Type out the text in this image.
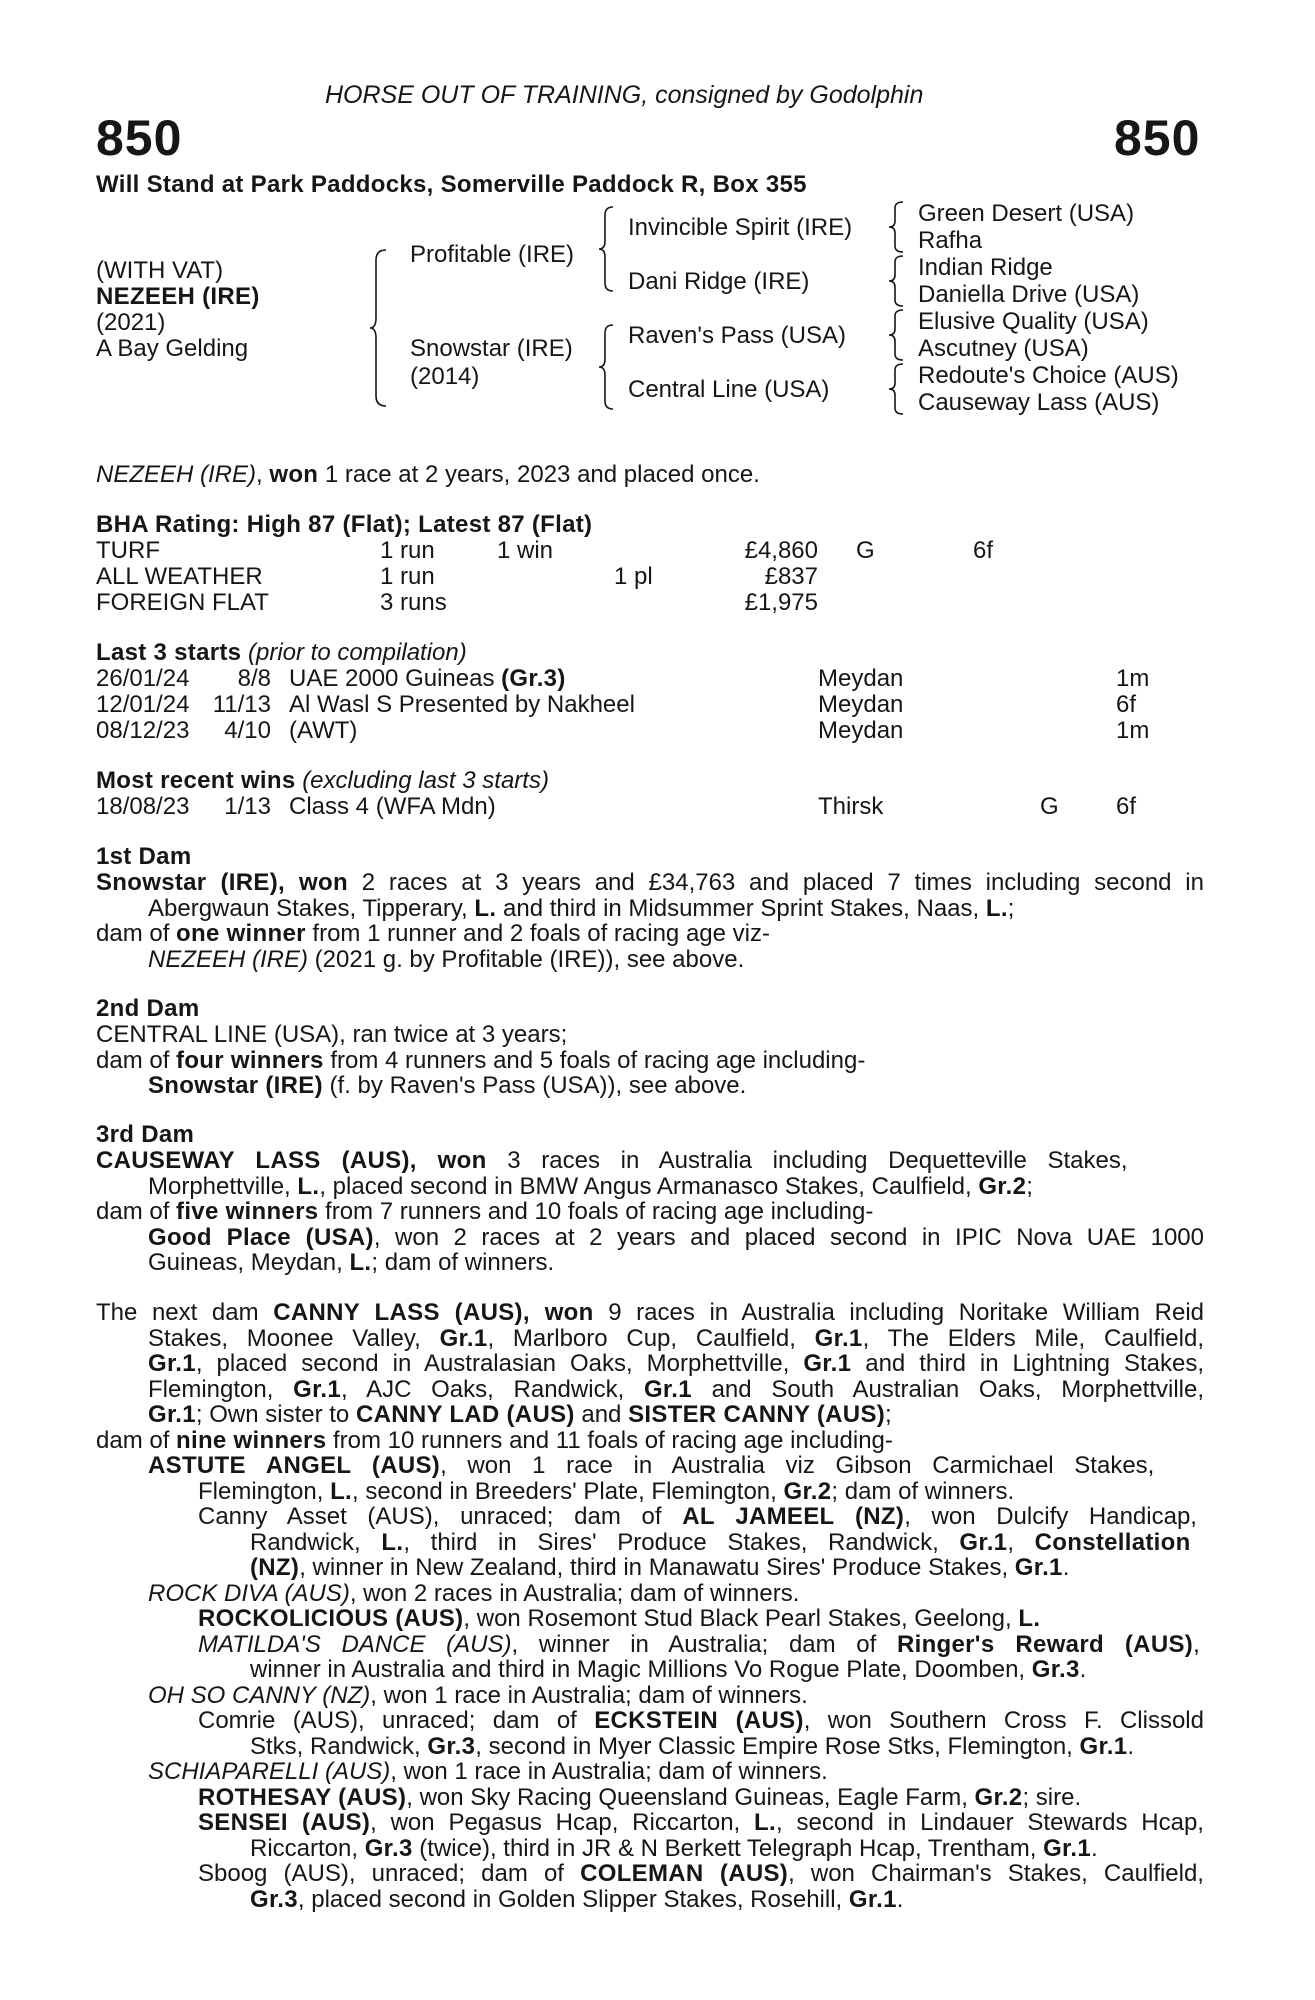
HORSE OUT OF TRAINING, consigned by Godolphin
850	850
Will Stand at Park Paddocks, Somerville Paddock R, Box 355
(WITH VAT)
NEZEEH (IRE)
(2021)
A Bay Gelding
Profitable (IRE)
Snowstar (IRE)
(2014)
Invincible Spirit (IRE)
Dani Ridge (IRE)
Raven's Pass (USA)
Central Line (USA)
Green Desert (USA)
Rafha
Indian Ridge
Daniella Drive (USA)
Elusive Quality (USA)
Ascutney (USA)
Redoute's Choice (AUS)
Causeway Lass (AUS)
NEZEEH (IRE), won 1 race at 2 years, 2023 and placed once.
BHA Rating: High 87 (Flat); Latest 87 (Flat)
TURF	1 run	1 win	£4,860 G	6f
ALL WEATHER	1 run	1 pl	£837
FOREIGN FLAT	3 runs	£1,975
Last 3 starts (prior to compilation)
26/01/24 8/8 UAE 2000 Guineas (Gr.3)	Meydan	1m
12/01/24 11/13 Al Wasl S Presented by Nakheel	Meydan	6f
08/12/23 4/10 (AWT)	Meydan	1m
Most recent wins (excluding last 3 starts)
18/08/23 1/13 Class 4 (WFA Mdn)	Thirsk	G 6f
1st Dam
Snowstar (IRE), won 2 races at 3 years and £34,763 and placed 7 times including second in
Abergwaun Stakes, Tipperary, L. and third in Midsummer Sprint Stakes, Naas, L.;
dam of one winner from 1 runner and 2 foals of racing age viz-
NEZEEH (IRE) (2021 g. by Profitable (IRE)), see above.
2nd Dam
CENTRAL LINE (USA), ran twice at 3 years;
dam of four winners from 4 runners and 5 foals of racing age including-
Snowstar (IRE) (f. by Raven's Pass (USA)), see above.
3rd Dam
CAUSEWAY LASS (AUS), won 3 races in Australia including Dequetteville Stakes,
Morphettville, L., placed second in BMW Angus Armanasco Stakes, Caulfield, Gr.2;
dam of five winners from 7 runners and 10 foals of racing age including-
Good Place (USA), won 2 races at 2 years and placed second in IPIC Nova UAE 1000
Guineas, Meydan, L.; dam of winners.
The next dam CANNY LASS (AUS), won 9 races in Australia including Noritake William Reid
Stakes, Moonee Valley, Gr.1, Marlboro Cup, Caulfield, Gr.1, The Elders Mile, Caulfield,
Gr.1, placed second in Australasian Oaks, Morphettville, Gr.1 and third in Lightning Stakes,
Flemington, Gr.1, AJC Oaks, Randwick, Gr.1 and South Australian Oaks, Morphettville,
Gr.1; Own sister to CANNY LAD (AUS) and SISTER CANNY (AUS);
dam of nine winners from 10 runners and 11 foals of racing age including-
ASTUTE ANGEL (AUS), won 1 race in Australia viz Gibson Carmichael Stakes,
Flemington, L., second in Breeders' Plate, Flemington, Gr.2; dam of winners.
Canny Asset (AUS), unraced; dam of AL JAMEEL (NZ), won Dulcify Handicap,
Randwick, L., third in Sires' Produce Stakes, Randwick, Gr.1, Constellation
(NZ), winner in New Zealand, third in Manawatu Sires' Produce Stakes, Gr.1.
ROCK DIVA (AUS), won 2 races in Australia; dam of winners.
ROCKOLICIOUS (AUS), won Rosemont Stud Black Pearl Stakes, Geelong, L.
MATILDA'S DANCE (AUS), winner in Australia; dam of Ringer's Reward (AUS),
winner in Australia and third in Magic Millions Vo Rogue Plate, Doomben, Gr.3.
OH SO CANNY (NZ), won 1 race in Australia; dam of winners.
Comrie (AUS), unraced; dam of ECKSTEIN (AUS), won Southern Cross F. Clissold
Stks, Randwick, Gr.3, second in Myer Classic Empire Rose Stks, Flemington, Gr.1.
SCHIAPARELLI (AUS), won 1 race in Australia; dam of winners.
ROTHESAY (AUS), won Sky Racing Queensland Guineas, Eagle Farm, Gr.2; sire.
SENSEI (AUS), won Pegasus Hcap, Riccarton, L., second in Lindauer Stewards Hcap,
Riccarton, Gr.3 (twice), third in JR & N Berkett Telegraph Hcap, Trentham, Gr.1.
Sboog (AUS), unraced; dam of COLEMAN (AUS), won Chairman's Stakes, Caulfield,
Gr.3, placed second in Golden Slipper Stakes, Rosehill, Gr.1.
